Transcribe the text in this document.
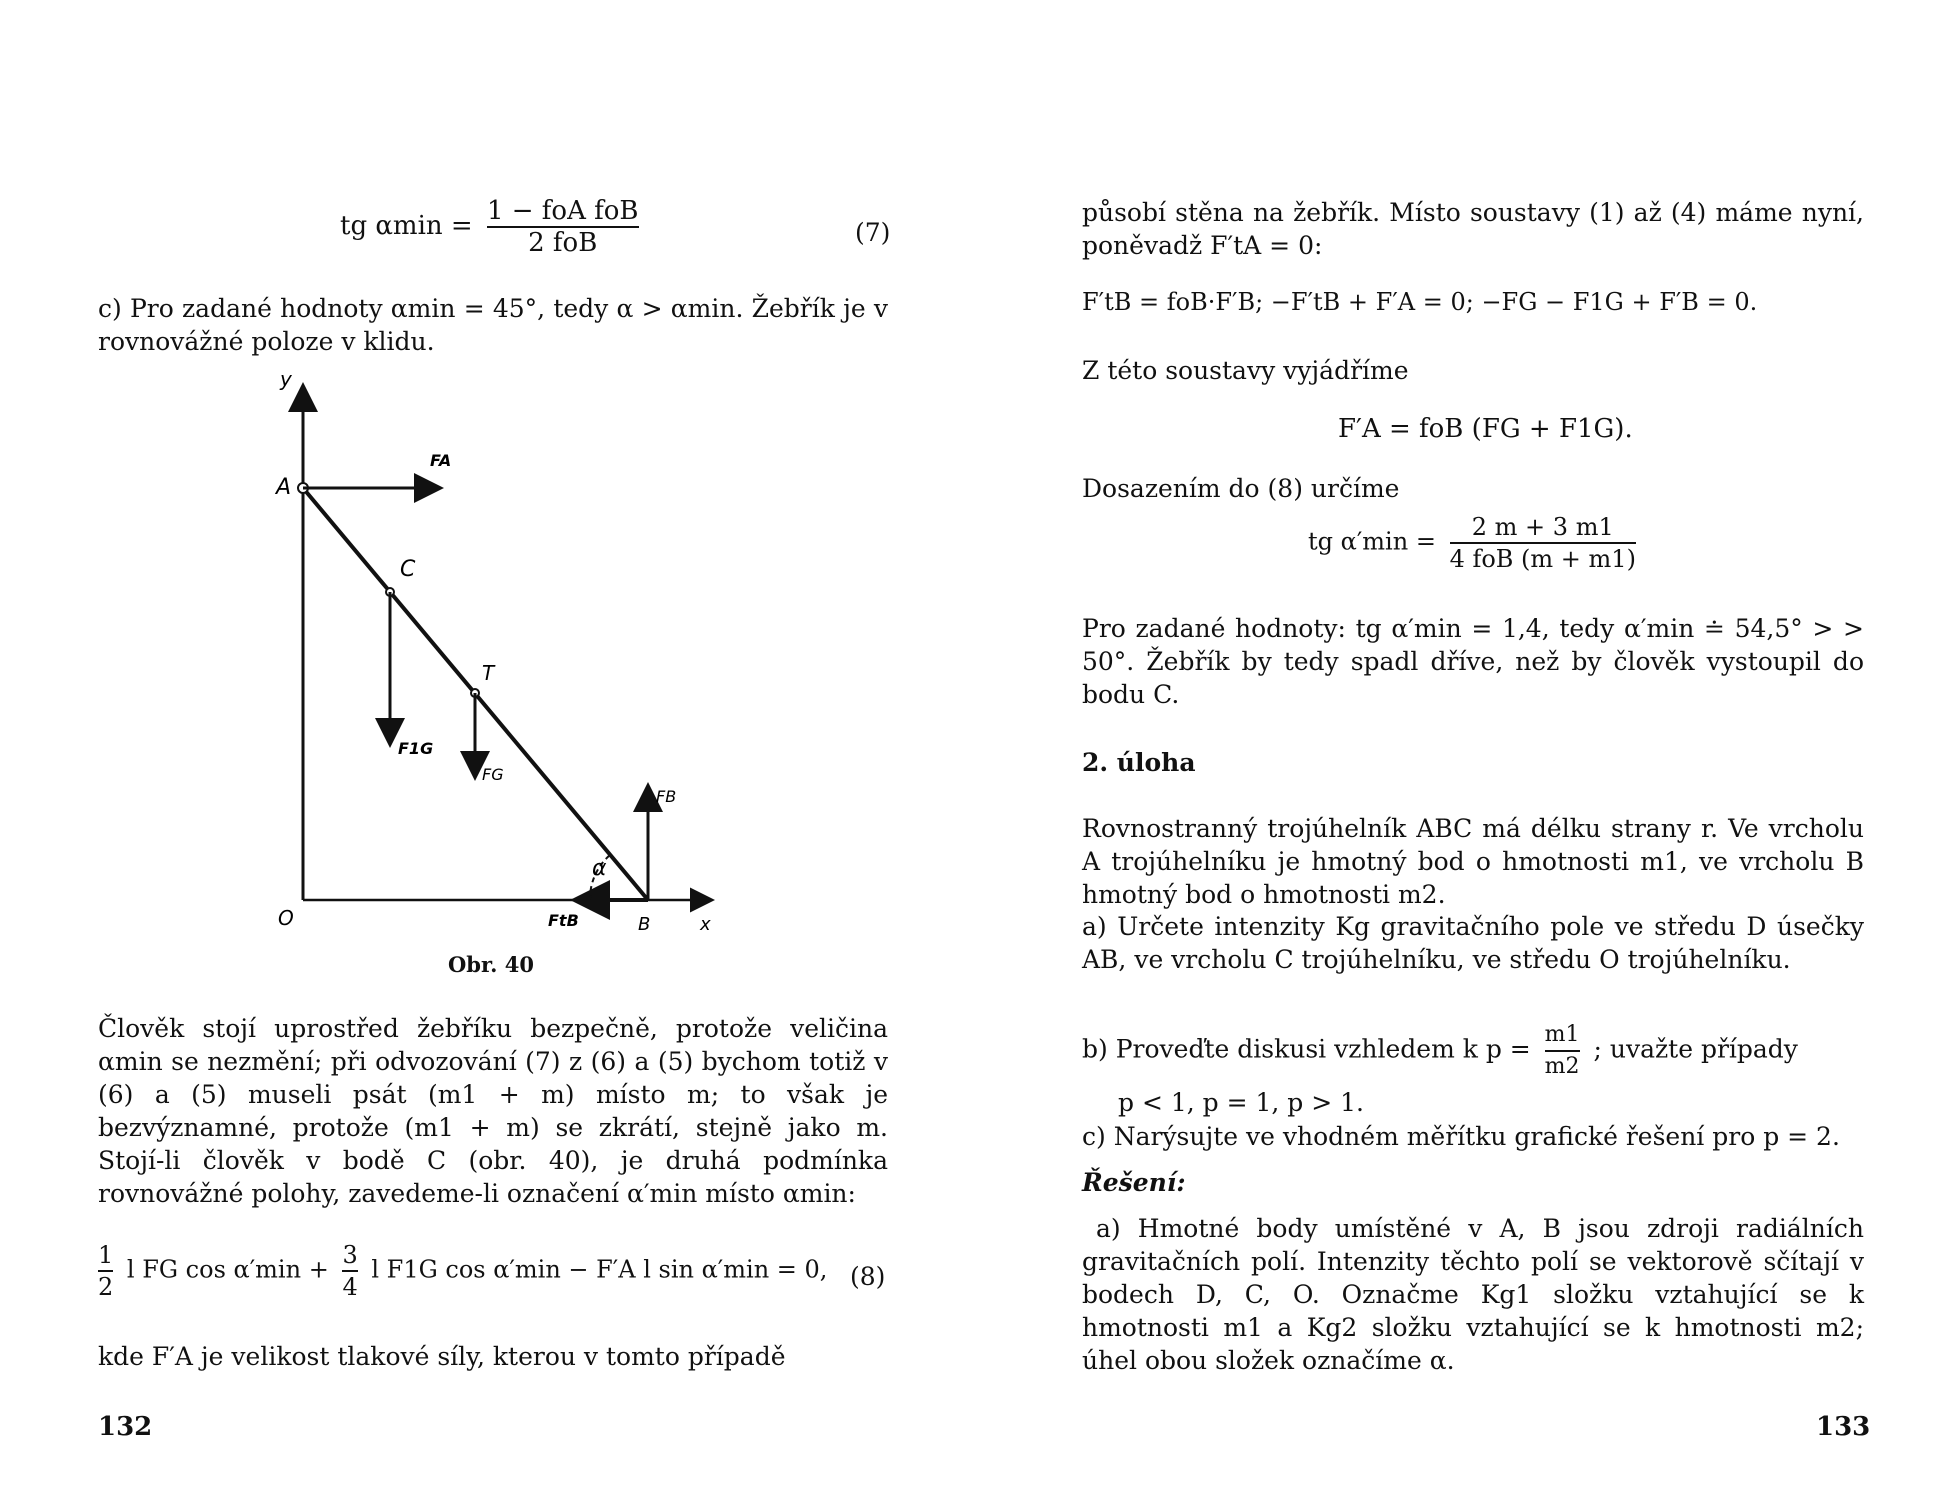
tg $\alpha\min = \frac{\text{1 − foA foB}}{\text{2 foB}}$	(7)
c) Pro zadané hodnoty αmin = 45°, tedy α > αmin. Žebřík je v rovnovážné poloze v klidu.
y
x
O
A
C
T
B
FA
F1G
FG
FB
FtB
α
Obr. 40
Člověk stojí uprostřed žebříku bezpečně, protože veličina αmin se nezmění; při odvozování (7) z (6) a (5) bychom totiž v (6) a (5) museli psát (m1 + m) místo m; to však je bezvýznamné, protože (m1 + m) se zkrátí, stejně jako m. Stojí-li člověk v bodě C (obr. 40), je druhá podmínka rovnovážné polohy, zavedeme-li označení α′min místo αmin:
$\frac{1}{2}$ l FG $\cos \alpha'\min + \frac{3}{4}$ l F1G cos α′min − F′A l sin α′min = 0, (8)
kde F′A je velikost tlakové síly, kterou v tomto případě
132
působí stěna na žebřík. Místo soustavy (1) až (4) máme nyní, poněvadž F′tA = 0:
F′tB = foB·F′B; −F′tB + F′A = 0; −FG − F1G + F′B = 0.
Z této soustavy vyjádříme
F′A = foB (FG + F1G).
Dosazením do (8) určíme
tg $\alpha'\min = \frac{2 m + 3 m1}{\text{4 foB (m + m1)}}$
Pro zadané hodnoty: tg α′min = 1,4, tedy α′min ≐ 54,5° > > 50°. Žebřík by tedy spadl dříve, než by člověk vystoupil do bodu C.
2. úloha
Rovnostranný trojúhelník ABC má délku strany r. Ve vrcholu A trojúhelníku je hmotný bod o hmotnosti m1, ve vrcholu B hmotný bod o hmotnosti m2.
a) Určete intenzity Kg gravitačního pole ve středu D úsečky AB, ve vrcholu C trojúhelníku, ve středu O trojúhelníku.
b) Proveďte diskusi vzhledem k $p = \frac{m1}{m2}$ ; uvažte případy
p < 1, p = 1, p > 1.
c) Narýsujte ve vhodném měřítku grafické řešení pro p = 2.
Řešení:
a) Hmotné body umístěné v A, B jsou zdroji radiálních gravitačních polí. Intenzity těchto polí se vektorově sčítají v bodech D, C, O. Označme Kg1 složku vztahující se k hmotnosti m1 a Kg2 složku vztahující se k hmotnosti m2; úhel obou složek označíme α.
133
